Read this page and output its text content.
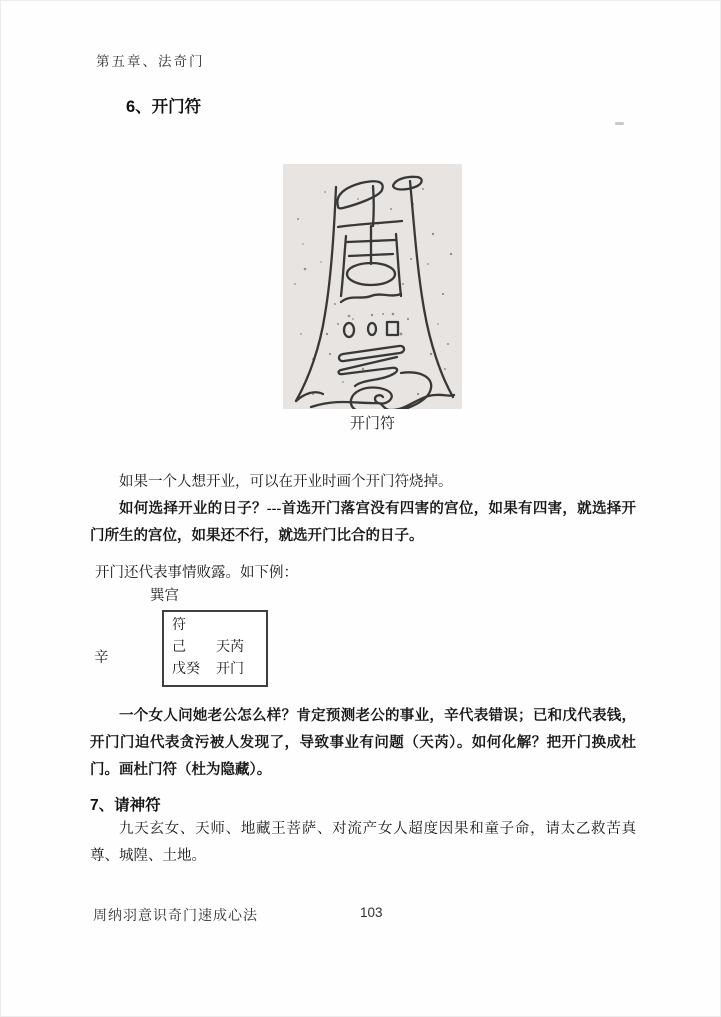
第五章、法奇门
6、开门符
开门符

如果一个人想开业，可以在开业时画个开门符烧掉。

如何选择开业的日子？---首选开门落宫没有四害的宫位，如果有四害，就选择开门所生的宫位，如果还不行，就选开门比合的日子。

开门还代表事情败露。如下例：

巽宫
辛
符
己	天芮
戊癸	开门

一个女人问她老公怎么样？肯定预测老公的事业，辛代表错误；已和戊代表钱，开门门迫代表贪污被人发现了，导致事业有问题（天芮）。如何化解？把开门换成杜门。画杜门符（杜为隐藏）。

7、请神符

九天玄女、天师、地藏王菩萨、对流产女人超度因果和童子命，请太乙救苦真尊、城隍、土地。

周纳羽意识奇门速成心法	103
